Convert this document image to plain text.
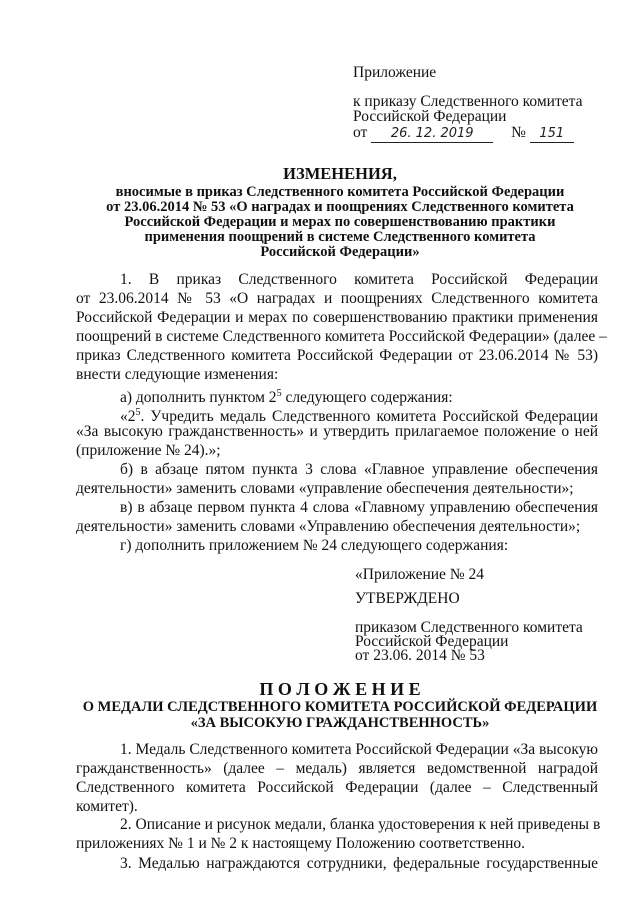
Приложение
к приказу Следственного комитета
Российской Федерации
от 26. 12. 2019 № 151
ИЗМЕНЕНИЯ,
вносимые в приказ Следственного комитета Российской Федерации
от 23.06.2014 № 53 «О наградах и поощрениях Следственного комитета
Российской Федерации и мерах по совершенствованию практики
применения поощрений в системе Следственного комитета
Российской Федерации»
1. В приказ Следственного комитета Российской Федерации
от 23.06.2014 № 53 «О наградах и поощрениях Следственного комитета
Российской Федерации и мерах по совершенствованию практики применения
поощрений в системе Следственного комитета Российской Федерации» (далее –
приказ Следственного комитета Российской Федерации от 23.06.2014 № 53)
внести следующие изменения:
а) дополнить пунктом $2^5$ следующего содержания:
«$2^5$. Учредить медаль Следственного комитета Российской Федерации
«За высокую гражданственность» и утвердить прилагаемое положение о ней
(приложение № 24).»;
б) в абзаце пятом пункта 3 слова «Главное управление обеспечения
деятельности» заменить словами «управление обеспечения деятельности»;
в) в абзаце первом пункта 4 слова «Главному управлению обеспечения
деятельности» заменить словами «Управлению обеспечения деятельности»;
г) дополнить приложением № 24 следующего содержания:
«Приложение № 24
УТВЕРЖДЕНО
приказом Следственного комитета
Российской Федерации
от 23.06. 2014 № 53
П О Л О Ж Е Н И Е
О МЕДАЛИ СЛЕДСТВЕННОГО КОМИТЕТА РОССИЙСКОЙ ФЕДЕРАЦИИ
«ЗА ВЫСОКУЮ ГРАЖДАНСТВЕННОСТЬ»
1. Медаль Следственного комитета Российской Федерации «За высокую
гражданственность» (далее – медаль) является ведомственной наградой
Следственного комитета Российской Федерации (далее – Следственный
комитет).
2. Описание и рисунок медали, бланка удостоверения к ней приведены в
приложениях № 1 и № 2 к настоящему Положению соответственно.
3. Медалью награждаются сотрудники, федеральные государственные
